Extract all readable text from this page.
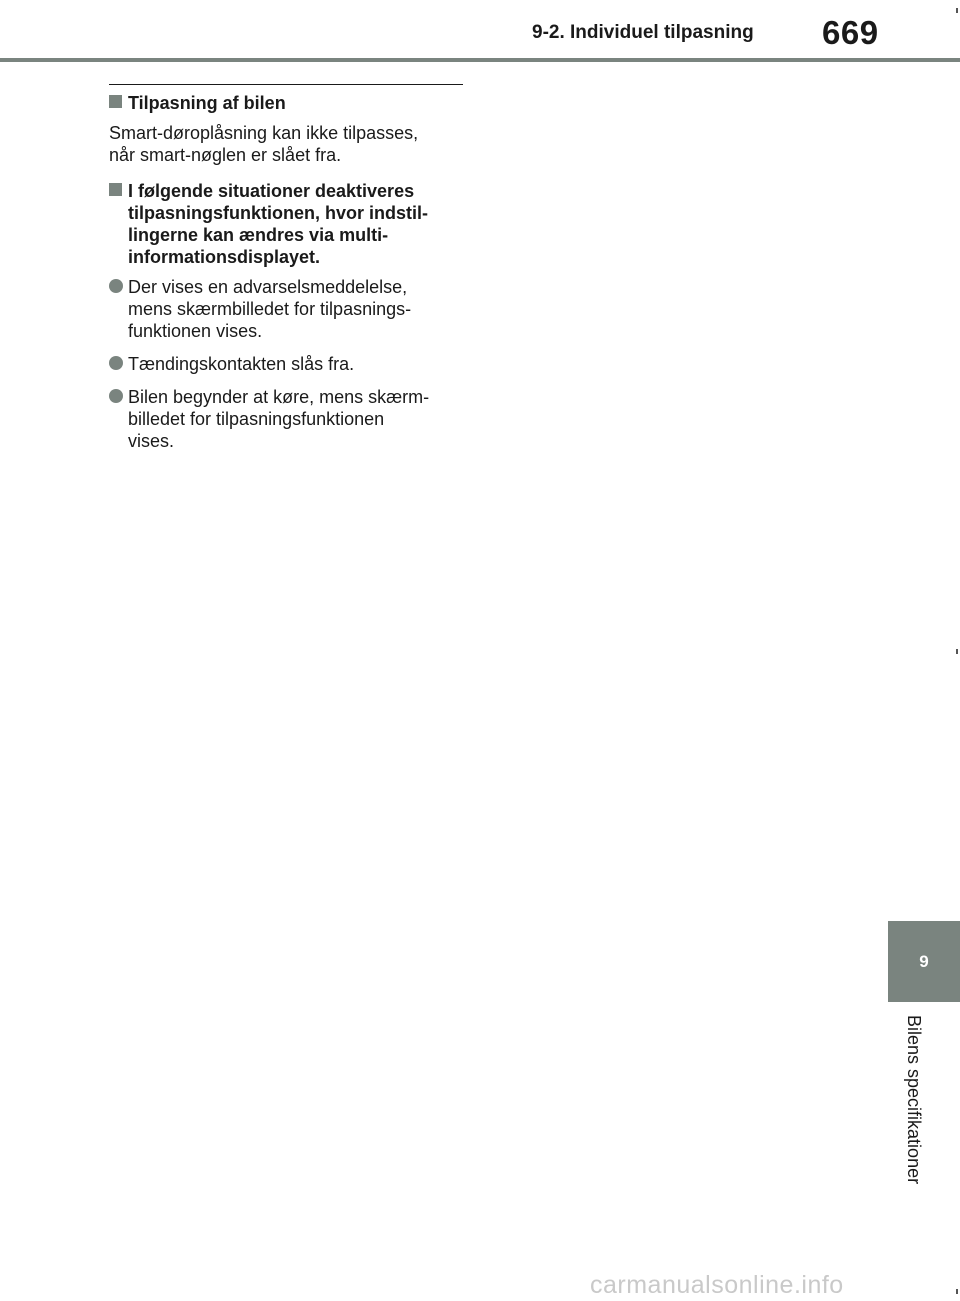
9-2. Individuel tilpasning 669
Tilpasning af bilen
Smart-døroplåsning kan ikke tilpasses,
når smart-nøglen er slået fra.
I følgende situationer deaktiveres
tilpasningsfunktionen, hvor indstil-
lingerne kan ændres via multi-
informationsdisplayet.
Der vises en advarselsmeddelelse,
mens skærmbilledet for tilpasnings-
funktionen vises.
Tændingskontakten slås fra.
Bilen begynder at køre, mens skærm-
billedet for tilpasningsfunktionen
vises.
9
Bilens specifikationer
carmanualsonline.info
